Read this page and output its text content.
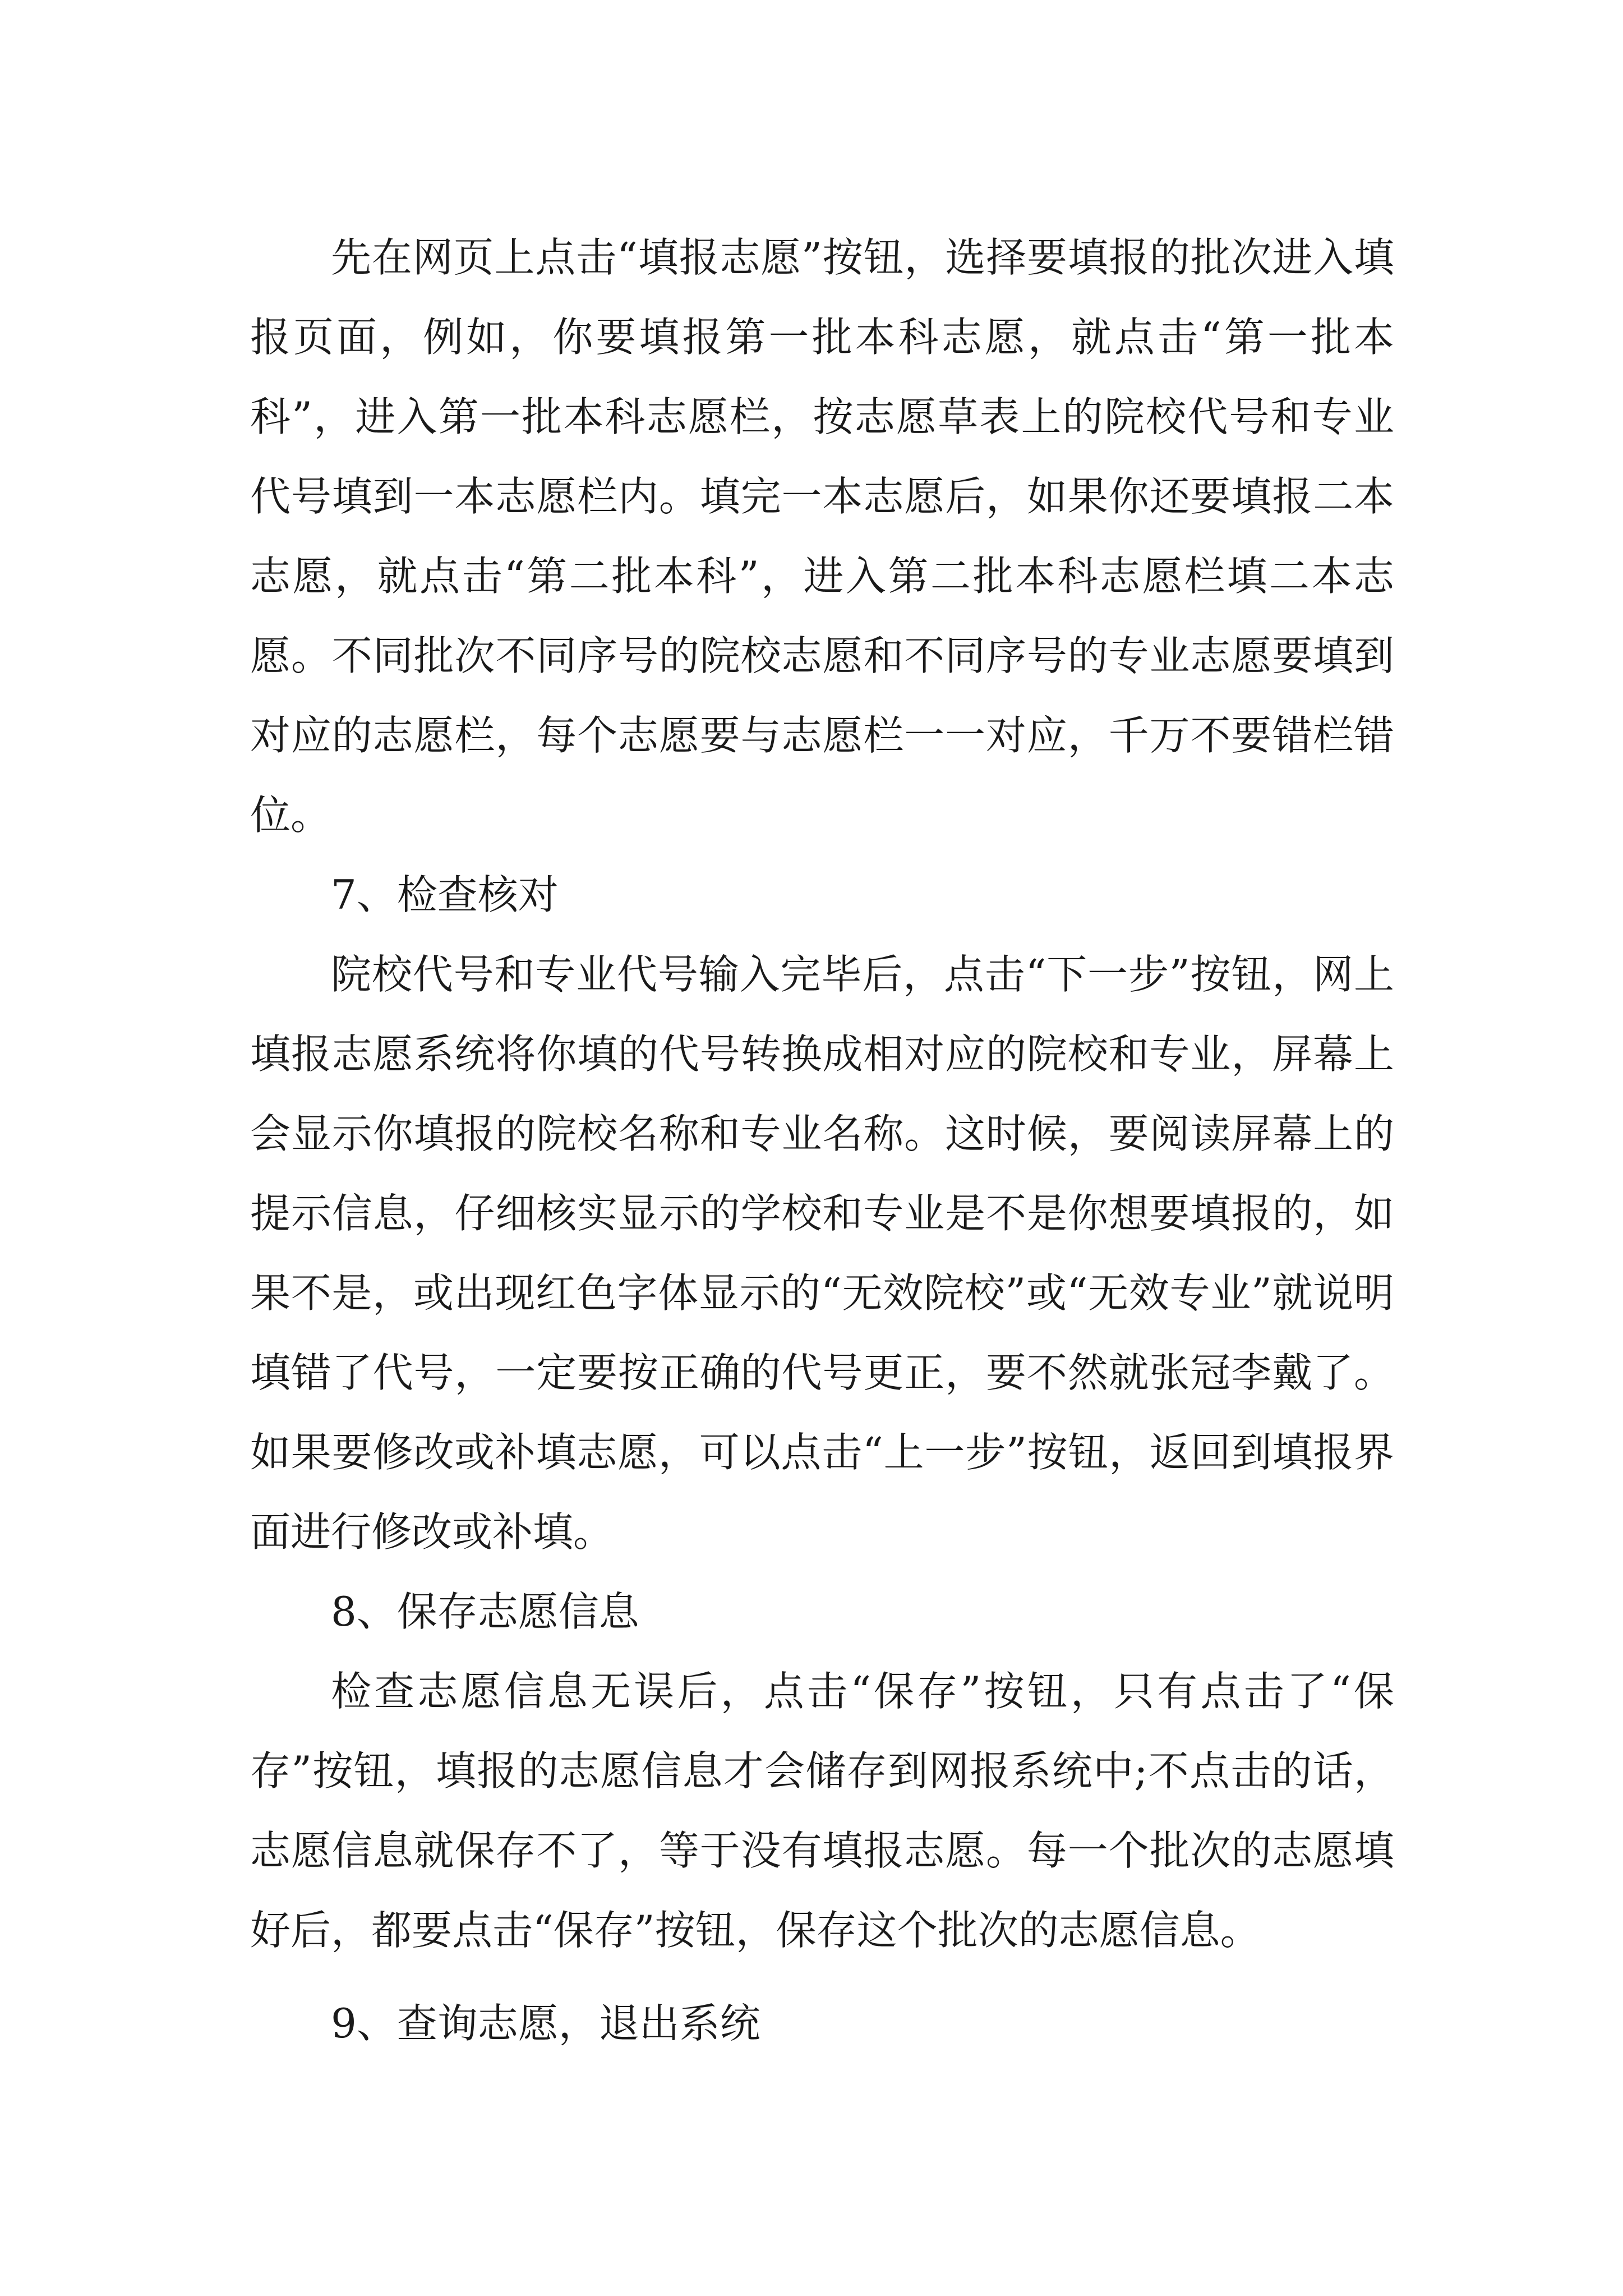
先在网页上点击“填报志愿”按钮，选择要填报的批次进入填报页面，例如，你要填报第一批本科志愿，就点击“第一批本科”，进入第一批本科志愿栏，按志愿草表上的院校代号和专业代号填到一本志愿栏内。填完一本志愿后，如果你还要填报二本志愿，就点击“第二批本科”，进入第二批本科志愿栏填二本志愿。不同批次不同序号的院校志愿和不同序号的专业志愿要填到对应的志愿栏，每个志愿要与志愿栏一一对应，千万不要错栏错位。

7、检查核对

院校代号和专业代号输入完毕后，点击“下一步”按钮，网上填报志愿系统将你填的代号转换成相对应的院校和专业，屏幕上会显示你填报的院校名称和专业名称。这时候，要阅读屏幕上的提示信息，仔细核实显示的学校和专业是不是你想要填报的，如果不是，或出现红色字体显示的“无效院校”或“无效专业”就说明填错了代号，一定要按正确的代号更正，要不然就张冠李戴了。如果要修改或补填志愿，可以点击“上一步”按钮，返回到填报界面进行修改或补填。

8、保存志愿信息

检查志愿信息无误后，点击“保存”按钮，只有点击了“保存”按钮，填报的志愿信息才会储存到网报系统中;不点击的话，志愿信息就保存不了，等于没有填报志愿。每一个批次的志愿填好后，都要点击“保存”按钮，保存这个批次的志愿信息。

9、查询志愿，退出系统
